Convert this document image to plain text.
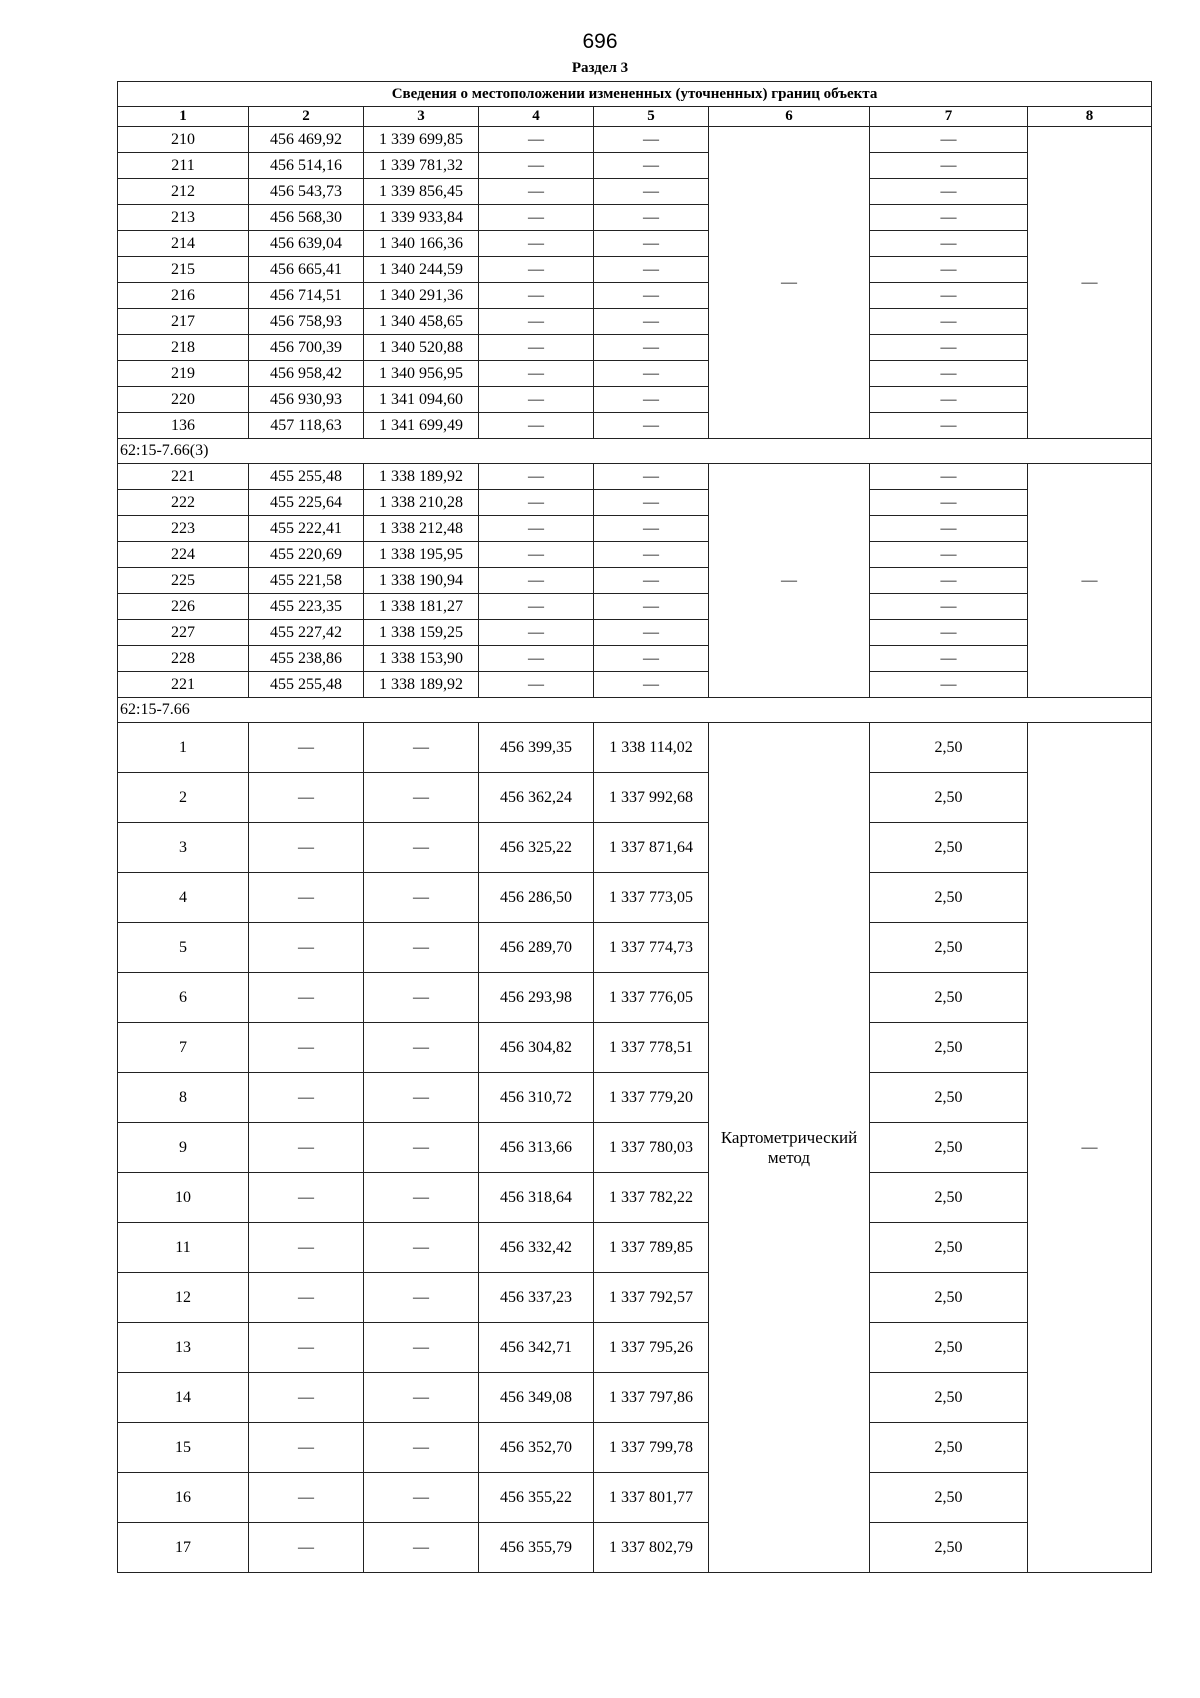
696
Раздел 3
Сведения о местоположении измененных (уточненных) границ объекта							
1	2	3	4	5	6	7	8
210	456 469,92	1 339 699,85	—	—	—	—	—
211	456 514,16	1 339 781,32	—	—		—	
212	456 543,73	1 339 856,45	—	—		—	
213	456 568,30	1 339 933,84	—	—		—	
214	456 639,04	1 340 166,36	—	—		—	
215	456 665,41	1 340 244,59	—	—		—	
216	456 714,51	1 340 291,36	—	—		—	
217	456 758,93	1 340 458,65	—	—		—	
218	456 700,39	1 340 520,88	—	—		—	
219	456 958,42	1 340 956,95	—	—		—	
220	456 930,93	1 341 094,60	—	—		—	
136	457 118,63	1 341 699,49	—	—		—	
62:15-7.66(3)							
221	455 255,48	1 338 189,92	—	—	—	—	—
222	455 225,64	1 338 210,28	—	—		—	
223	455 222,41	1 338 212,48	—	—		—	
224	455 220,69	1 338 195,95	—	—		—	
225	455 221,58	1 338 190,94	—	—		—	
226	455 223,35	1 338 181,27	—	—		—	
227	455 227,42	1 338 159,25	—	—		—	
228	455 238,86	1 338 153,90	—	—		—	
221	455 255,48	1 338 189,92	—	—		—	
62:15-7.66							
1	—	—	456 399,35	1 338 114,02	Картометрический метод	2,50	—
2	—	—	456 362,24	1 337 992,68		2,50	
3	—	—	456 325,22	1 337 871,64		2,50	
4	—	—	456 286,50	1 337 773,05		2,50	
5	—	—	456 289,70	1 337 774,73		2,50	
6	—	—	456 293,98	1 337 776,05		2,50	
7	—	—	456 304,82	1 337 778,51		2,50	
8	—	—	456 310,72	1 337 779,20		2,50	
9	—	—	456 313,66	1 337 780,03		2,50	
10	—	—	456 318,64	1 337 782,22		2,50	
11	—	—	456 332,42	1 337 789,85		2,50	
12	—	—	456 337,23	1 337 792,57		2,50	
13	—	—	456 342,71	1 337 795,26		2,50	
14	—	—	456 349,08	1 337 797,86		2,50	
15	—	—	456 352,70	1 337 799,78		2,50	
16	—	—	456 355,22	1 337 801,77		2,50	
17	—	—	456 355,79	1 337 802,79		2,50	
